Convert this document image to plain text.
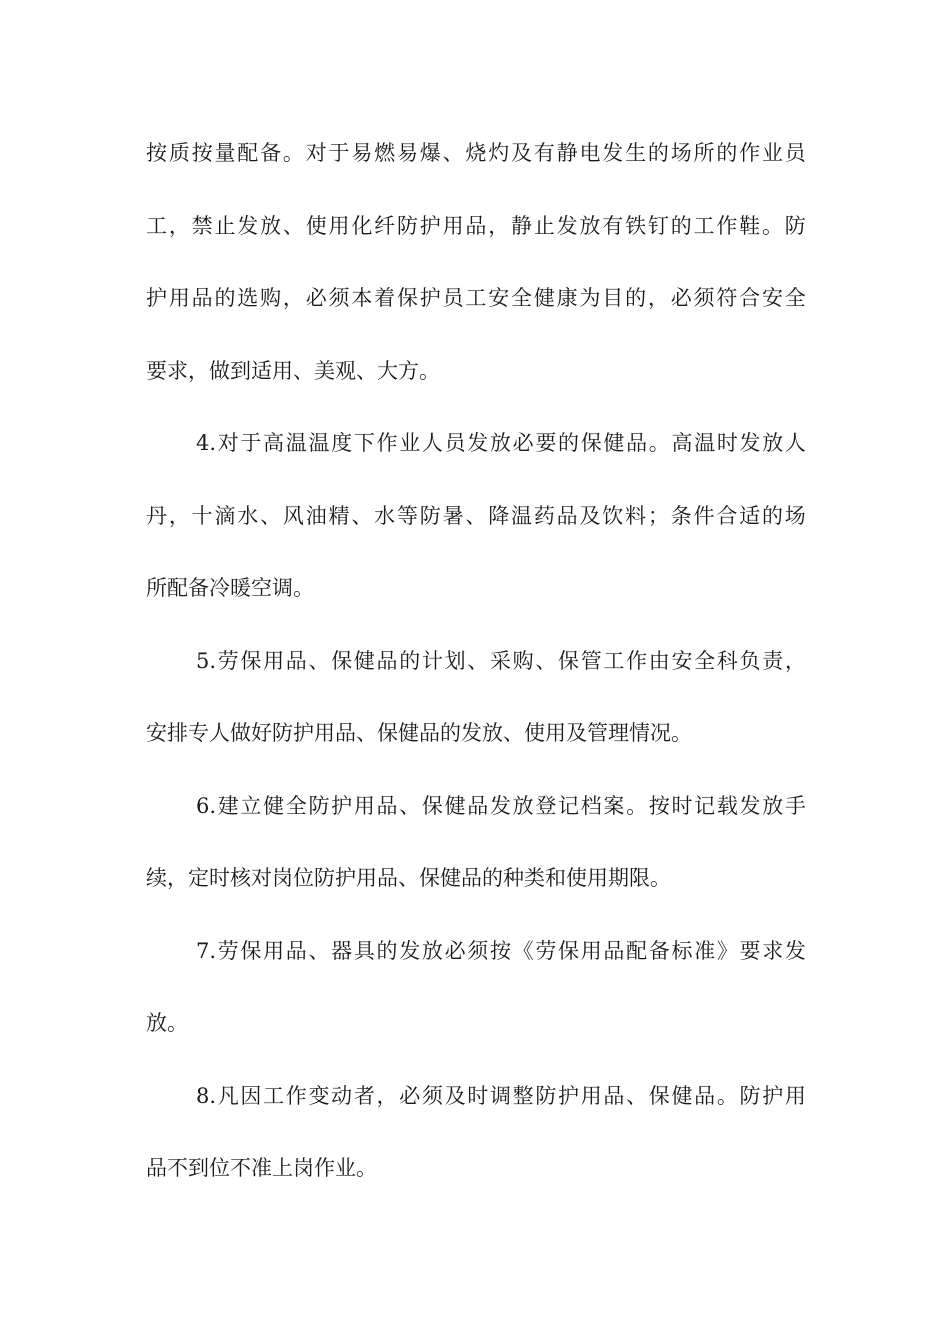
按 质 按 量 配 备 。 对 于 易 燃 易 爆 、 烧 灼 及 有 静 电 发 生 的 场 所 的 作 业 员
工 ， 禁 止 发 放 、 使 用 化 纤 防 护 用 品 ， 静 止 发 放 有 铁 钉 的 工 作 鞋 。 防
护 用 品 的 选 购 ， 必 须 本 着 保 护 员 工 安 全 健 康 为 目 的 ， 必 须 符 合 安 全
要求，做到适用、美观、大方。
4. 对 于 高 温 温 度 下 作 业 人 员 发 放 必 要 的 保 健 品 。 高 温 时 发 放 人
丹 ， 十 滴 水 、 风 油 精 、 水 等 防 暑 、 降 温 药 品 及 饮 料 ； 条 件 合 适 的 场
所配备冷暖空调。
5. 劳 保 用 品 、 保 健 品 的 计 划 、 采 购 、 保 管 工 作 由 安 全 科 负 责 ，
安排专人做好防护用品、保健品的发放、使用及管理情况。
6. 建 立 健 全 防 护 用 品 、 保 健 品 发 放 登 记 档 案 。 按 时 记 载 发 放 手
续，定时核对岗位防护用品、保健品的种类和使用期限。
7. 劳 保 用 品 、 器 具 的 发 放 必 须 按 《 劳 保 用 品 配 备 标 准 》 要 求 发
放。
8. 凡 因 工 作 变 动 者 ， 必 须 及 时 调 整 防 护 用 品 、 保 健 品 。 防 护 用
品不到位不准上岗作业。
